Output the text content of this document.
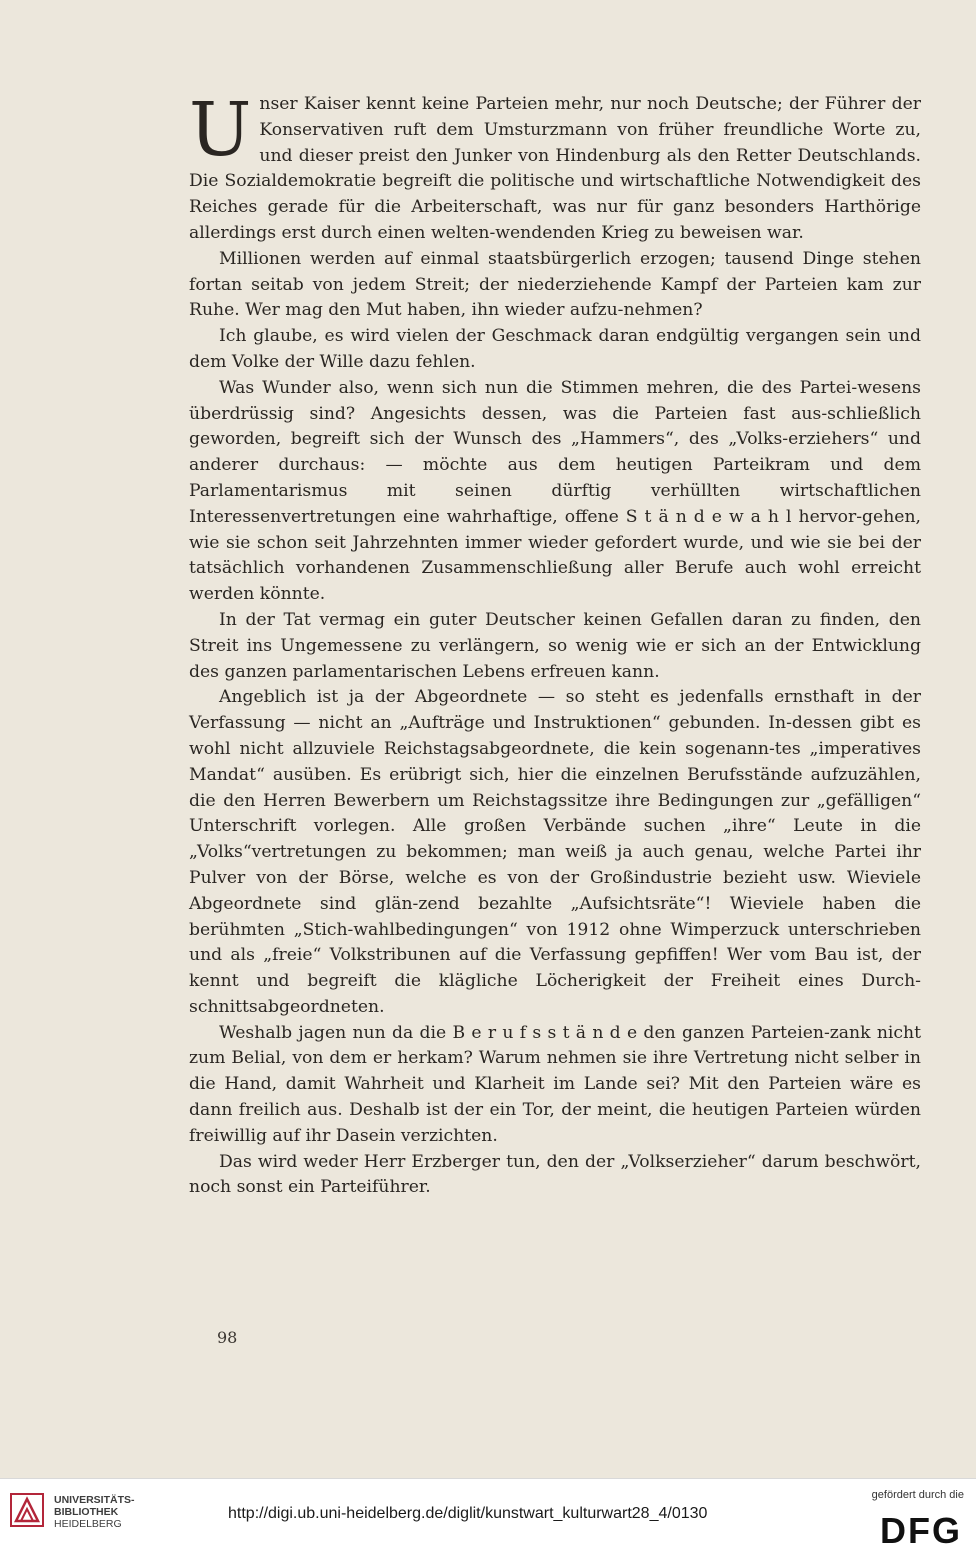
Unser Kaiser kennt keine Parteien mehr, nur noch Deutsche; der Führer der Konservativen ruft dem Umsturzmann von früher freundliche Worte zu, und dieser preist den Junker von Hindenburg als den Retter Deutschlands. Die Sozialdemokratie begreift die politische und wirtschaftliche Notwendigkeit des Reiches gerade für die Arbeiterschaft, was nur für ganz besonders Harthörige allerdings erst durch einen welten-wendenden Krieg zu beweisen war.

Millionen werden auf einmal staatsbürgerlich erzogen; tausend Dinge stehen fortan seitab von jedem Streit; der niederziehende Kampf der Parteien kam zur Ruhe. Wer mag den Mut haben, ihn wieder aufzu-nehmen?

Ich glaube, es wird vielen der Geschmack daran endgültig vergangen sein und dem Volke der Wille dazu fehlen.

Was Wunder also, wenn sich nun die Stimmen mehren, die des Partei-wesens überdrüssig sind? Angesichts dessen, was die Parteien fast aus-schließlich geworden, begreift sich der Wunsch des „Hammers“, des „Volks-erziehers“ und anderer durchaus: — möchte aus dem heutigen Parteikram und dem Parlamentarismus mit seinen dürftig verhüllten wirtschaftlichen Interessenvertretungen eine wahrhaftige, offene S t ä n d e w a h l hervor-gehen, wie sie schon seit Jahrzehnten immer wieder gefordert wurde, und wie sie bei der tatsächlich vorhandenen Zusammenschließung aller Berufe auch wohl erreicht werden könnte.

In der Tat vermag ein guter Deutscher keinen Gefallen daran zu finden, den Streit ins Ungemessene zu verlängern, so wenig wie er sich an der Entwicklung des ganzen parlamentarischen Lebens erfreuen kann.

Angeblich ist ja der Abgeordnete — so steht es jedenfalls ernsthaft in der Verfassung — nicht an „Aufträge und Instruktionen“ gebunden. In-dessen gibt es wohl nicht allzuviele Reichstagsabgeordnete, die kein sogenann-tes „imperatives Mandat“ ausüben. Es erübrigt sich, hier die einzelnen Berufsstände aufzuzählen, die den Herren Bewerbern um Reichstagssitze ihre Bedingungen zur „gefälligen“ Unterschrift vorlegen. Alle großen Verbände suchen „ihre“ Leute in die „Volks“vertretungen zu bekommen; man weiß ja auch genau, welche Partei ihr Pulver von der Börse, welche es von der Großindustrie bezieht usw. Wieviele Abgeordnete sind glän-zend bezahlte „Aufsichtsräte“! Wieviele haben die berühmten „Stich-wahlbedingungen“ von 1912 ohne Wimperzuck unterschrieben und als „freie“ Volkstribunen auf die Verfassung gepfiffen! Wer vom Bau ist, der kennt und begreift die klägliche Löcherigkeit der Freiheit eines Durch-schnittsabgeordneten.

Weshalb jagen nun da die B e r u f s s t ä n d e den ganzen Parteien-zank nicht zum Belial, von dem er herkam? Warum nehmen sie ihre Vertretung nicht selber in die Hand, damit Wahrheit und Klarheit im Lande sei? Mit den Parteien wäre es dann freilich aus. Deshalb ist der ein Tor, der meint, die heutigen Parteien würden freiwillig auf ihr Dasein verzichten.

Das wird weder Herr Erzberger tun, den der „Volkserzieher“ darum beschwört, noch sonst ein Parteiführer.

98
UNIVERSITÄTS-
BIBLIOTHEK
HEIDELBERG
http://digi.ub.uni-heidelberg.de/diglit/kunstwart_kulturwart28_4/0130
gefördert durch die
DFG
